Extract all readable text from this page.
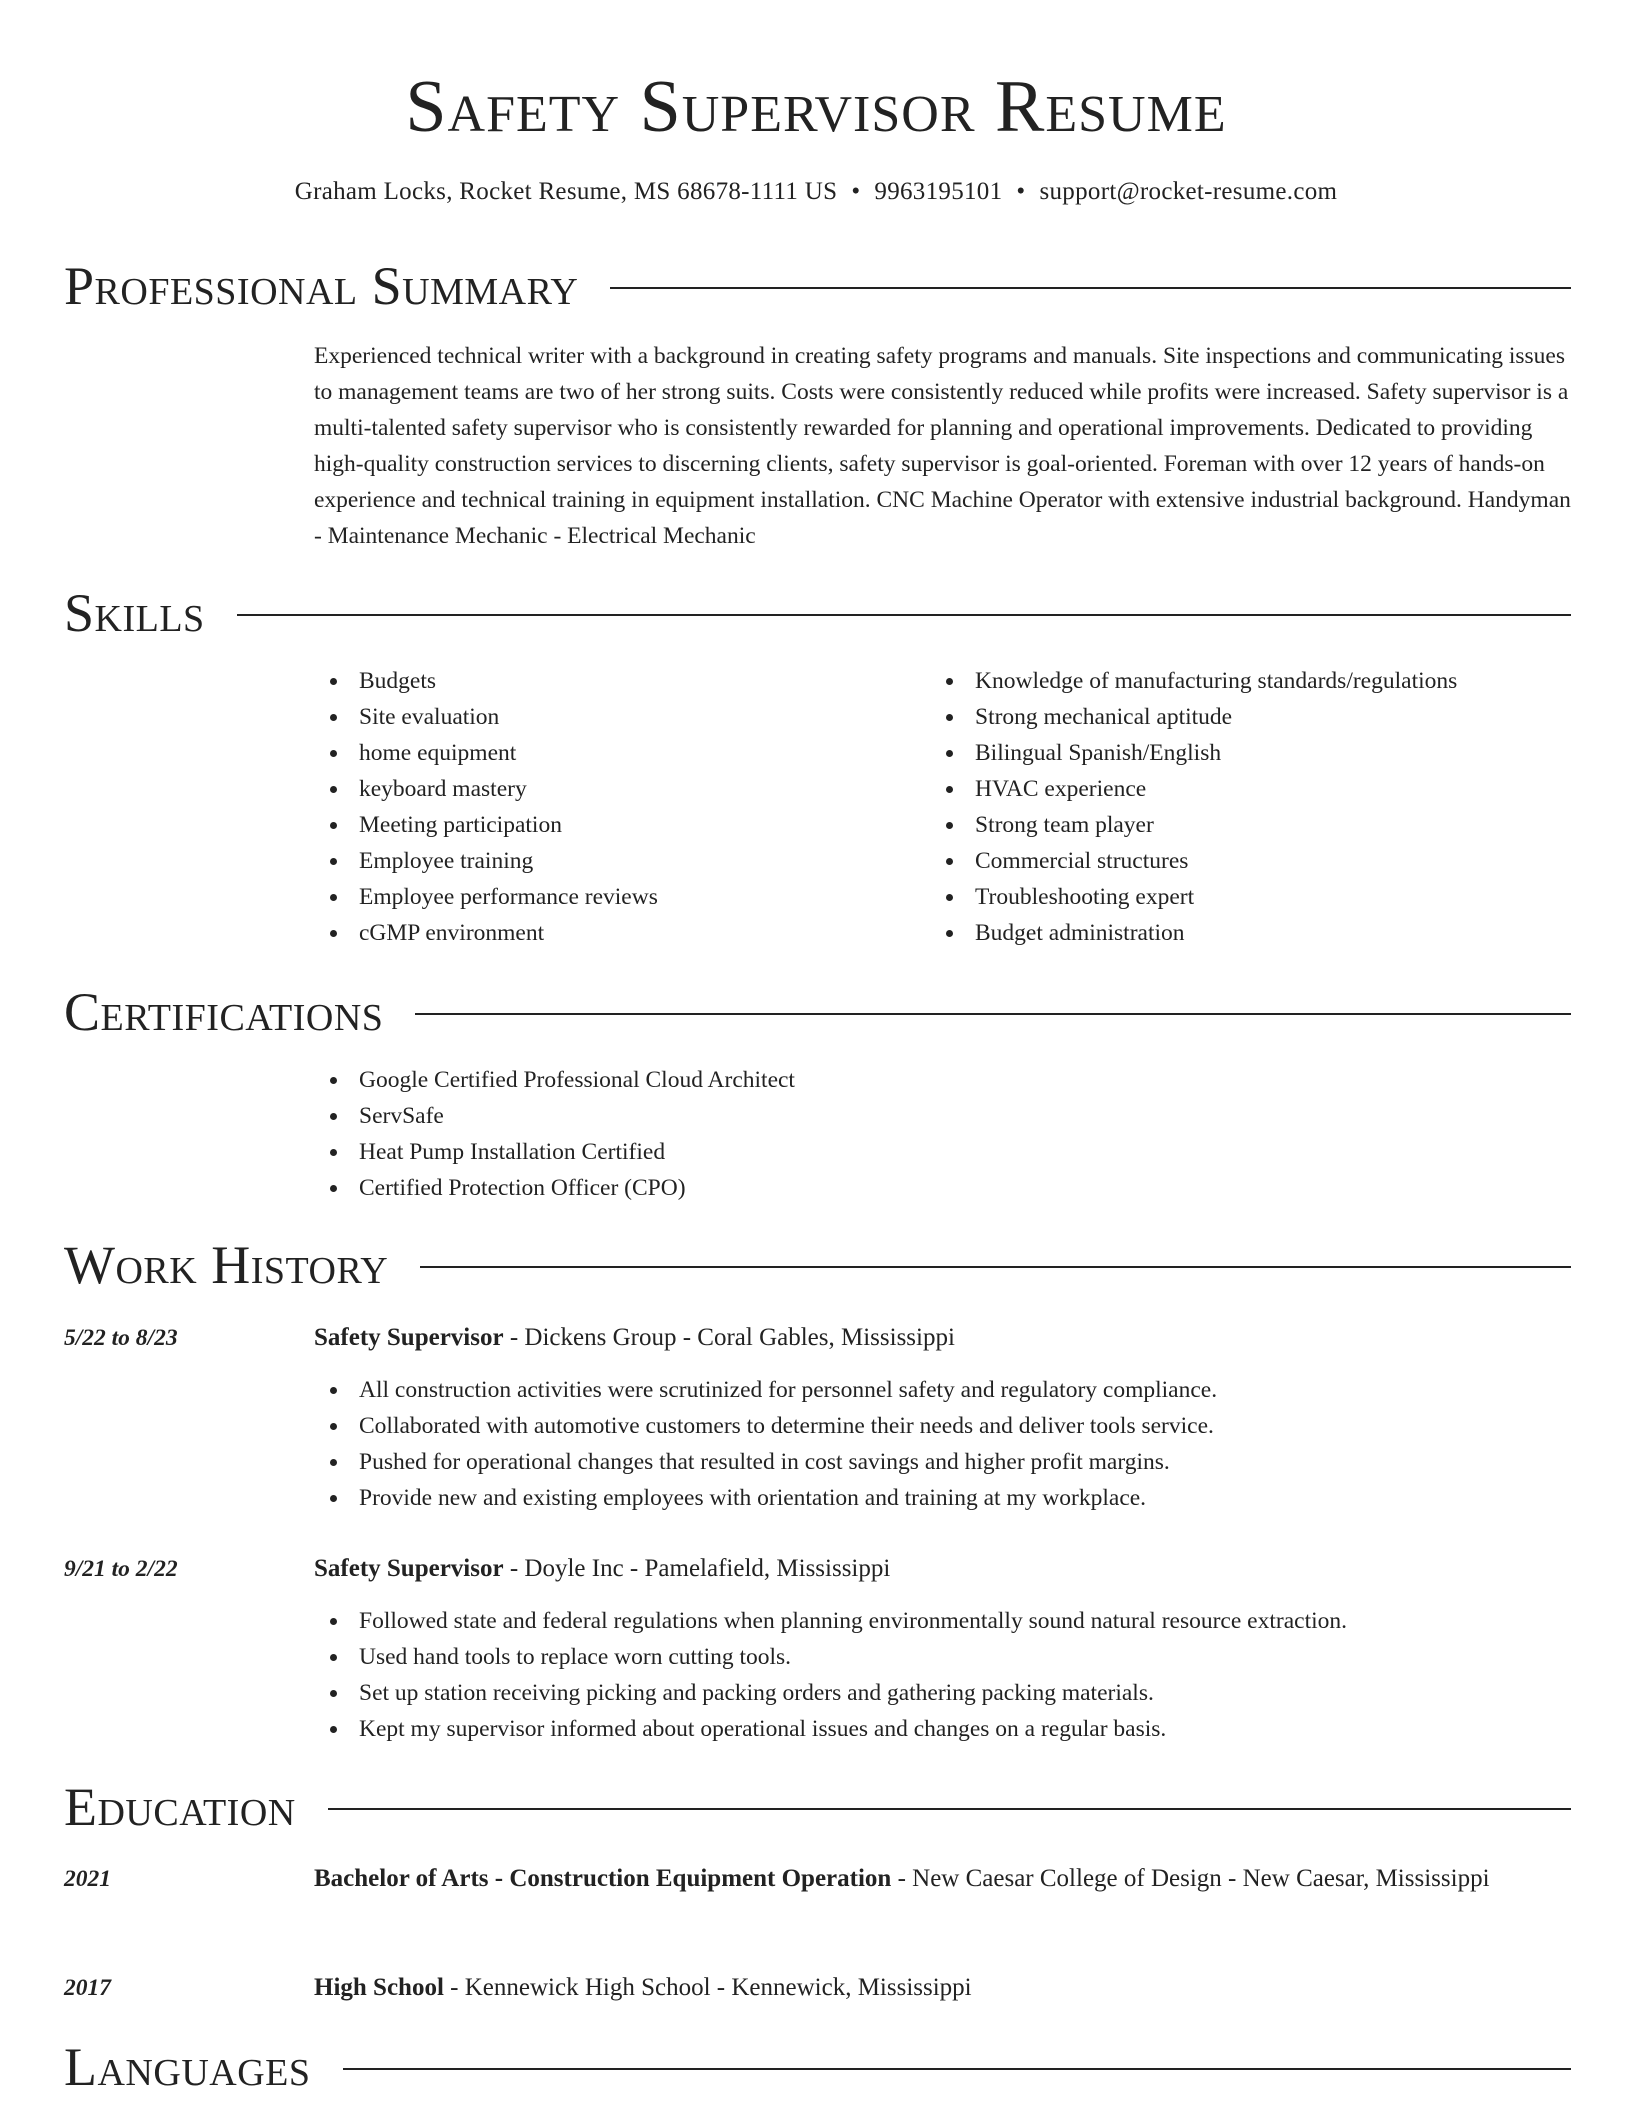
Safety Supervisor Resume
Graham Locks, Rocket Resume, MS 68678-1111 US • 9963195101 • support@rocket-resume.com
Professional Summary

Experienced technical writer with a background in creating safety programs and manuals. Site inspections and communicating issues to management teams are two of her strong suits. Costs were consistently reduced while profits were increased. Safety supervisor is a multi-talented safety supervisor who is consistently rewarded for planning and operational improvements. Dedicated to providing high-quality construction services to discerning clients, safety supervisor is goal-oriented. Foreman with over 12 years of hands-on experience and technical training in equipment installation. CNC Machine Operator with extensive industrial background. Handyman - Maintenance Mechanic - Electrical Mechanic

Skills
Budgets
Site evaluation
home equipment
keyboard mastery
Meeting participation
Employee training
Employee performance reviews
cGMP environment
Knowledge of manufacturing standards/regulations
Strong mechanical aptitude
Bilingual Spanish/English
HVAC experience
Strong team player
Commercial structures
Troubleshooting expert
Budget administration
Certifications
Google Certified Professional Cloud Architect
ServSafe
Heat Pump Installation Certified
Certified Protection Officer (CPO)
Work History
5/22 to 8/23	Safety Supervisor - Dickens Group - Coral Gables, Mississippi
All construction activities were scrutinized for personnel safety and regulatory compliance.
Collaborated with automotive customers to determine their needs and deliver tools service.
Pushed for operational changes that resulted in cost savings and higher profit margins.
Provide new and existing employees with orientation and training at my workplace.
9/21 to 2/22	Safety Supervisor - Doyle Inc - Pamelafield, Mississippi
Followed state and federal regulations when planning environmentally sound natural resource extraction.
Used hand tools to replace worn cutting tools.
Set up station receiving picking and packing orders and gathering packing materials.
Kept my supervisor informed about operational issues and changes on a regular basis.
Education
2021	Bachelor of Arts - Construction Equipment Operation - New Caesar College of Design - New Caesar, Mississippi
2017	High School - Kennewick High School - Kennewick, Mississippi
Languages
